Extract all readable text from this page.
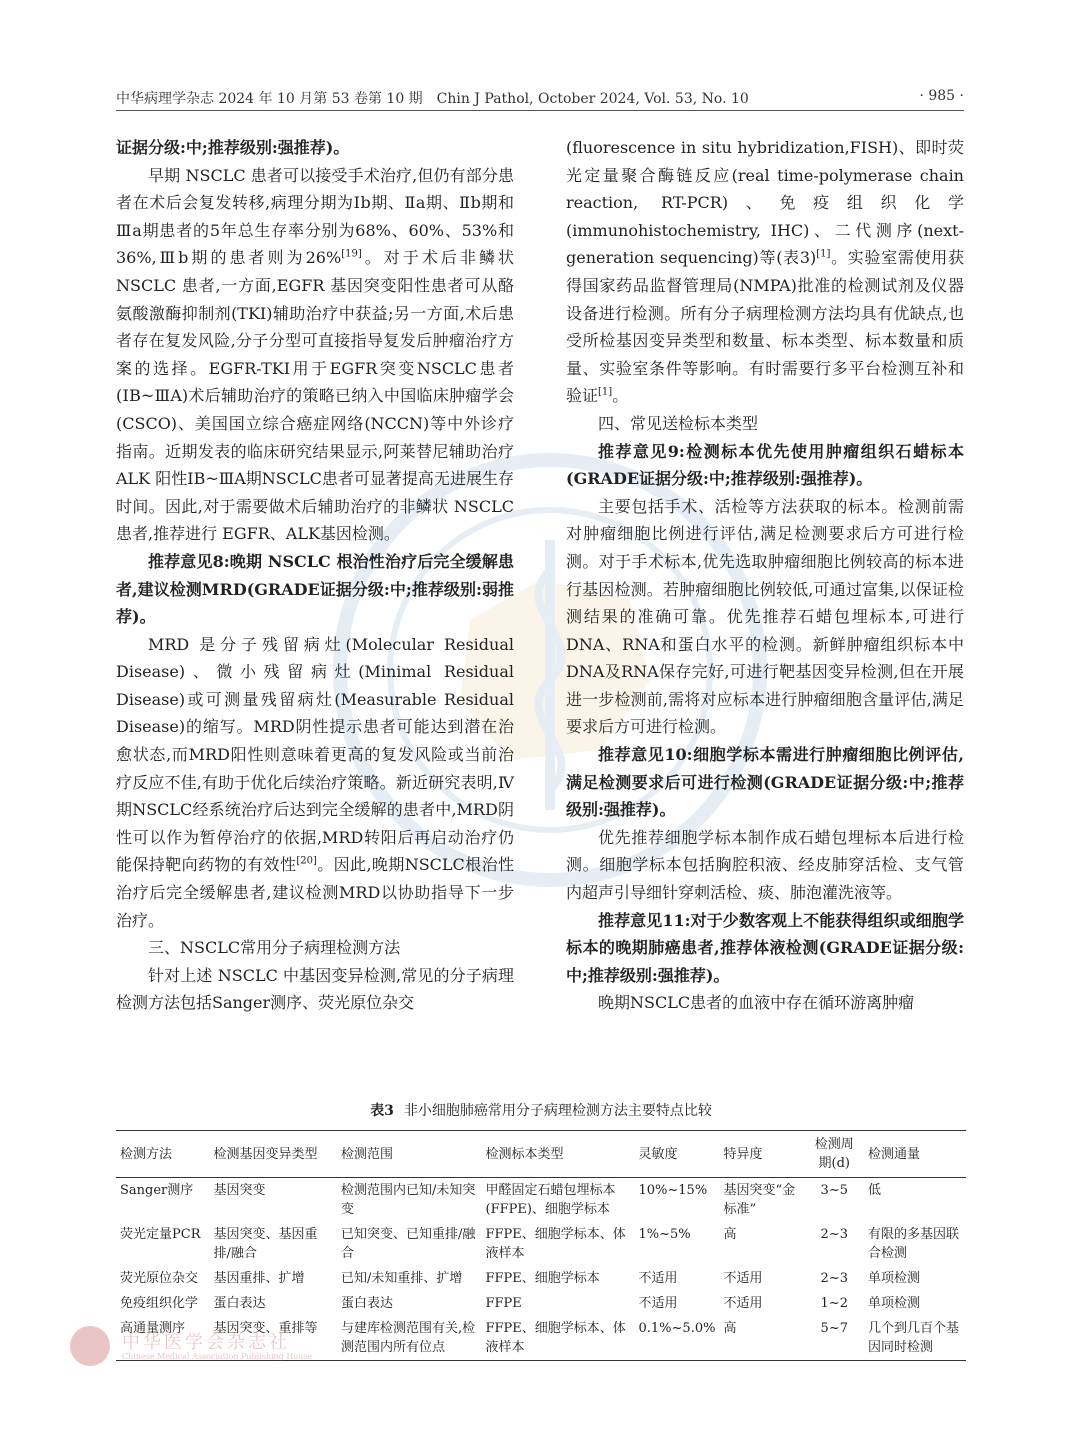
中华病理学杂志 2024 年 10 月第 53 卷第 10 期　Chin J Pathol, October 2024, Vol. 53, No. 10	· 985 ·

证据分级:中;推荐级别:强推荐)。

早期 NSCLC 患者可以接受手术治疗,但仍有部分患者在术后会复发转移,病理分期为Ⅰb期、Ⅱa期、Ⅱb期和Ⅲa期患者的5年总生存率分别为68%、60%、53%和36%,Ⅲb期的患者则为26%[19]。对于术后非鳞状 NSCLC 患者,一方面,EGFR 基因突变阳性患者可从酪氨酸激酶抑制剂(TKI)辅助治疗中获益;另一方面,术后患者存在复发风险,分子分型可直接指导复发后肿瘤治疗方案的选择。EGFR-TKI用于EGFR突变NSCLC患者(ⅠB~ⅢA)术后辅助治疗的策略已纳入中国临床肿瘤学会(CSCO)、美国国立综合癌症网络(NCCN)等中外诊疗指南。近期发表的临床研究结果显示,阿莱替尼辅助治疗 ALK 阳性ⅠB~ⅢA期NSCLC患者可显著提高无进展生存时间。因此,对于需要做术后辅助治疗的非鳞状 NSCLC 患者,推荐进行 EGFR、ALK基因检测。

推荐意见8:晚期 NSCLC 根治性治疗后完全缓解患者,建议检测MRD(GRADE证据分级:中;推荐级别:弱推荐)。

MRD 是分子残留病灶(Molecular Residual Disease)、微小残留病灶(Minimal Residual Disease)或可测量残留病灶(Measurable Residual Disease)的缩写。MRD阴性提示患者可能达到潜在治愈状态,而MRD阳性则意味着更高的复发风险或当前治疗反应不佳,有助于优化后续治疗策略。新近研究表明,Ⅳ期NSCLC经系统治疗后达到完全缓解的患者中,MRD阴性可以作为暂停治疗的依据,MRD转阳后再启动治疗仍能保持靶向药物的有效性[20]。因此,晚期NSCLC根治性治疗后完全缓解患者,建议检测MRD以协助指导下一步治疗。

三、NSCLC常用分子病理检测方法

针对上述 NSCLC 中基因变异检测,常见的分子病理检测方法包括Sanger测序、荧光原位杂交

(fluorescence in situ hybridization,FISH)、即时荧光定量聚合酶链反应(real time-polymerase chain reaction, RT-PCR)、免疫组织化学(immunohistochemistry, IHC)、二代测序(next-generation sequencing)等(表3)[1]。实验室需使用获得国家药品监督管理局(NMPA)批准的检测试剂及仪器设备进行检测。所有分子病理检测方法均具有优缺点,也受所检基因变异类型和数量、标本类型、标本数量和质量、实验室条件等影响。有时需要行多平台检测互补和验证[1]。

四、常见送检标本类型

推荐意见9:检测标本优先使用肿瘤组织石蜡标本(GRADE证据分级:中;推荐级别:强推荐)。

主要包括手术、活检等方法获取的标本。检测前需对肿瘤细胞比例进行评估,满足检测要求后方可进行检测。对于手术标本,优先选取肿瘤细胞比例较高的标本进行基因检测。若肿瘤细胞比例较低,可通过富集,以保证检测结果的准确可靠。优先推荐石蜡包埋标本,可进行DNA、RNA和蛋白水平的检测。新鲜肿瘤组织标本中DNA及RNA保存完好,可进行靶基因变异检测,但在开展进一步检测前,需将对应标本进行肿瘤细胞含量评估,满足要求后方可进行检测。

推荐意见10:细胞学标本需进行肿瘤细胞比例评估,满足检测要求后可进行检测(GRADE证据分级:中;推荐级别:强推荐)。

优先推荐细胞学标本制作成石蜡包埋标本后进行检测。细胞学标本包括胸腔积液、经皮肺穿活检、支气管内超声引导细针穿刺活检、痰、肺泡灌洗液等。

推荐意见11:对于少数客观上不能获得组织或细胞学标本的晚期肺癌患者,推荐体液检测(GRADE证据分级:中;推荐级别:强推荐)。

晚期NSCLC患者的血液中存在循环游离肿瘤

表3 非小细胞肺癌常用分子病理检测方法主要特点比较
检测方法	检测基因变异类型	检测范围	检测标本类型	灵敏度	特异度	检测周期(d)	检测通量
Sanger测序	基因突变	检测范围内已知/未知突变	甲醛固定石蜡包埋标本(FFPE)、细胞学标本	10%~15%	基因突变“金标准”	3~5	低
荧光定量PCR	基因突变、基因重排/融合	已知突变、已知重排/融合	FFPE、细胞学标本、体液样本	1%~5%	高	2~3	有限的多基因联合检测
荧光原位杂交	基因重排、扩增	已知/未知重排、扩增	FFPE、细胞学标本	不适用	不适用	2~3	单项检测
免疫组织化学	蛋白表达	蛋白表达	FFPE	不适用	不适用	1~2	单项检测
高通量测序	基因突变、重排等	与建库检测范围有关,检测范围内所有位点	FFPE、细胞学标本、体液样本	0.1%~5.0%	高	5~7	几个到几百个基因同时检测
中华医学会杂志社
Chinese Medical Association Publishing House
